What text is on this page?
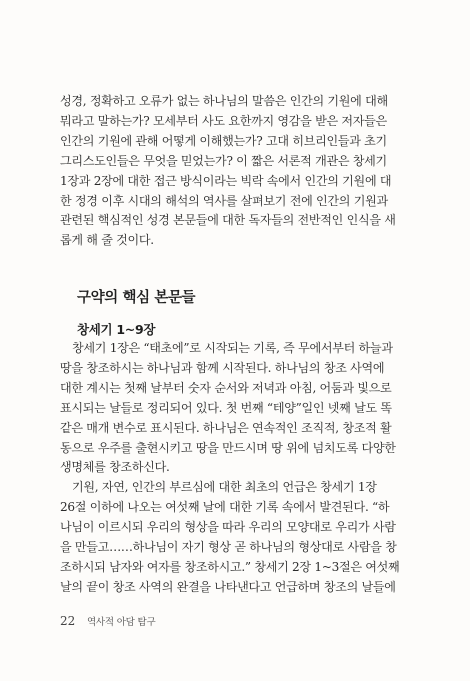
성경, 정확하고 오류가 없는 하나님의 말씀은 인간의 기원에 대해
뭐라고 말하는가? 모세부터 사도 요한까지 영감을 받은 저자들은
인간의 기원에 관해 어떻게 이해했는가? 고대 히브리인들과 초기
그리스도인들은 무엇을 믿었는가? 이 짧은 서론적 개관은 창세기
1장과 2장에 대한 접근 방식이라는 빅락 속에서 인간의 기원에 대
한 정경 이후 시대의 해석의 역사를 살펴보기 전에 인간의 기원과
관련된 핵심적인 성경 본문들에 대한 독자들의 전반적인 인식을 새
롭게 해 줄 것이다.
구약의 핵심 본문들
창세기 1~9장
창세기 1장은 “태초에”로 시작되는 기록, 즉 무에서부터 하늘과
땅을 창조하시는 하나님과 함께 시작된다. 하나님의 창조 사역에
대한 계시는 첫째 날부터 숫자 순서와 저녁과 아침, 어둠과 빛으로
표시되는 날들로 정리되어 있다. 첫 번째 “테양”일인 넷째 날도 똑
같은 매개 변수로 표시된다. 하나님은 연속적인 조직적, 창조적 활
동으로 우주를 출현시키고 땅을 만드시며 땅 위에 넘치도록 다양한
생명체를 창조하신다.
기원, 자연, 인간의 부르심에 대한 최초의 언급은 창세기 1장
26절 이하에 나오는 여섯째 날에 대한 기록 속에서 발견된다. “하
나님이 이르시되 우리의 형상을 따라 우리의 모양대로 우리가 사람
을 만들고……하나님이 자기 형상 곧 하나님의 형상대로 사람을 창
조하시되 남자와 여자를 창조하시고.” 창세기 2장 1~3절은 여섯째
날의 끝이 창조 사역의 완결을 나타낸다고 언급하며 창조의 날들에
22 역사적 아담 탐구
